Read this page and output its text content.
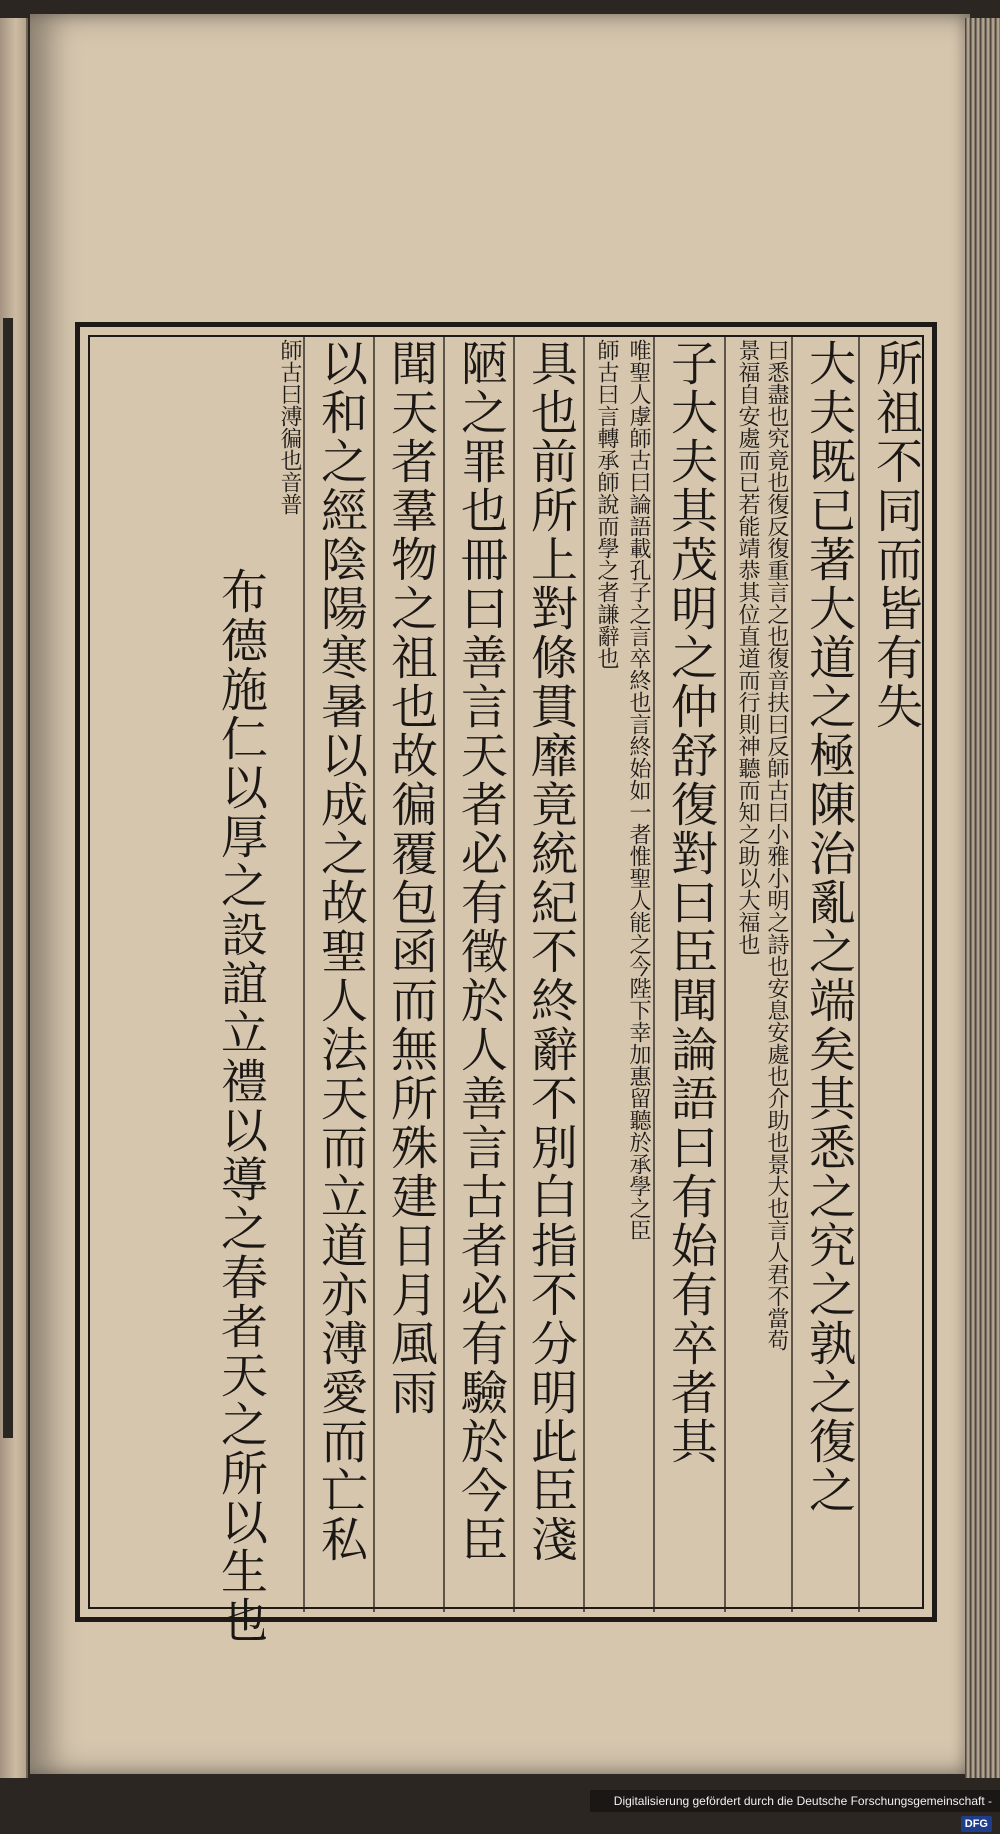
所祖不同而皆有失
大夫既已著大道之極陳治亂之端矣其悉之究之孰之復之
曰悉盡也究竟也復反復重言之也復音扶曰反師古曰小雅小明之詩也安息安處也介助也景大也言人君不當苟
景福自安處而已若能靖恭其位直道而行則神聽而知之助以大福也
子大夫其茂明之仲舒復對曰臣聞論語曰有始有卒者其
唯聖人虖師古曰論語載孔子之言卒終也言終始如一者惟聖人能之今陛下幸加惠留聽於承學之臣
師古曰言轉承師說而學之者謙辭也
具也前所上對條貫靡竟統紀不終辭不別白指不分明此臣淺
陋之罪也冊曰善言天者必有徵於人善言古者必有驗於今臣
聞天者羣物之祖也故徧覆包函而無所殊建日月風雨
以和之經陰陽寒暑以成之故聖人法天而立道亦溥愛而亡私
師古曰溥徧也音普
布德施仁以厚之設誼立禮以導之春者天之所以生也
Digitalisierung gefördert durch die Deutsche Forschungsgemeinschaft - DFG
